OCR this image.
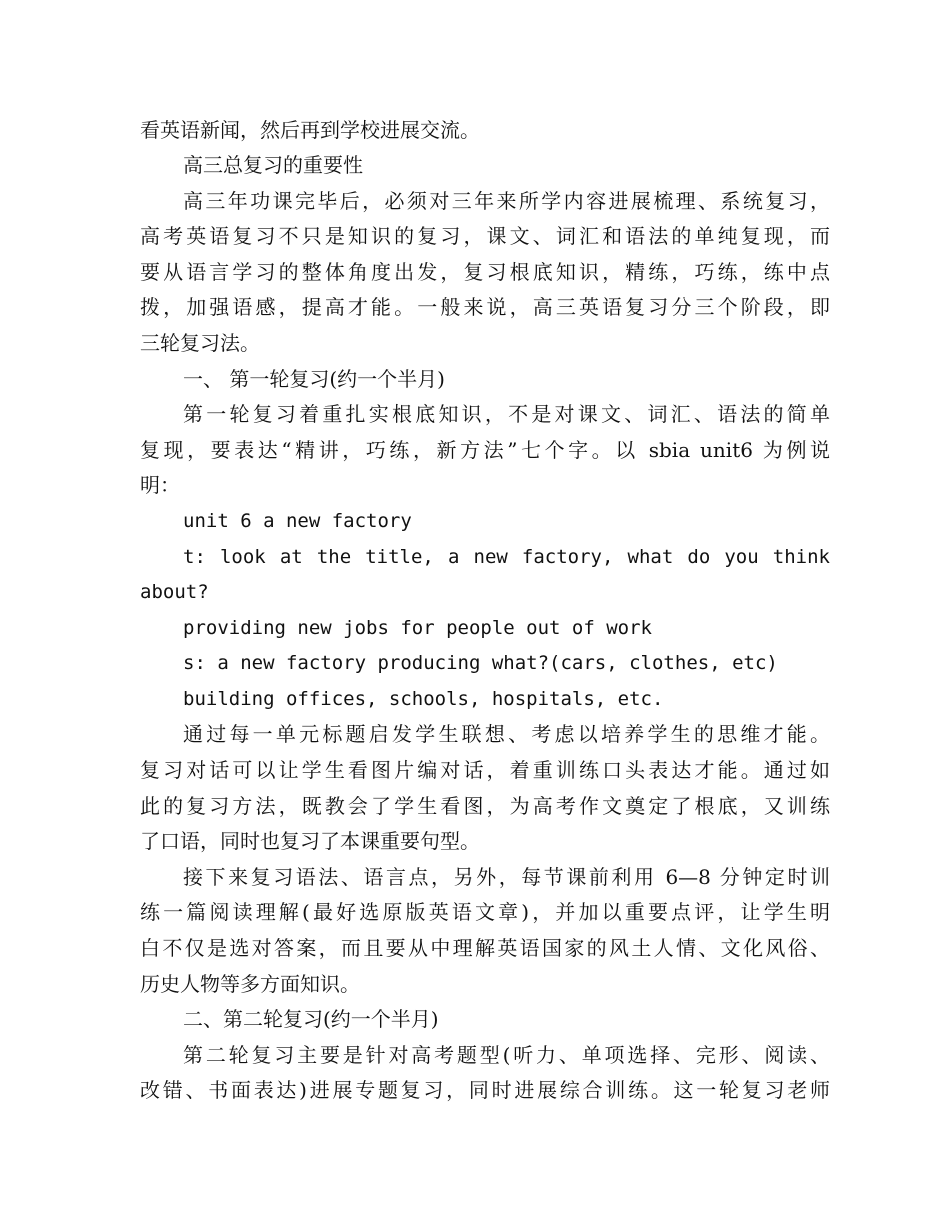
看英语新闻，然后再到学校进展交流。
高三总复习的重要性
高三年功课完毕后，必须对三年来所学内容进展梳理、系统复习，
高考英语复习不只是知识的复习，课文、词汇和语法的单纯复现，而
要从语言学习的整体角度出发，复习根底知识，精练，巧练，练中点
拨，加强语感，提高才能。一般来说，高三英语复习分三个阶段，即
三轮复习法。
一、 第一轮复习(约一个半月)
第一轮复习着重扎实根底知识，不是对课文、词汇、语法的简单
复现，要表达“精讲，巧练，新方法”七个字。以 sbia unit6 为例说
明：
unit 6 a new factory
t: look at the title, a new factory, what do you think
about?
providing new jobs for people out of work
s: a new factory producing what?(cars, clothes, etc)
building offices, schools, hospitals, etc.
通过每一单元标题启发学生联想、考虑以培养学生的思维才能。
复习对话可以让学生看图片编对话，着重训练口头表达才能。通过如
此的复习方法，既教会了学生看图，为高考作文奠定了根底，又训练
了口语，同时也复习了本课重要句型。
接下来复习语法、语言点，另外，每节课前利用 6—8 分钟定时训
练一篇阅读理解(最好选原版英语文章)，并加以重要点评，让学生明
白不仅是选对答案，而且要从中理解英语国家的风土人情、文化风俗、
历史人物等多方面知识。
二、第二轮复习(约一个半月)
第二轮复习主要是针对高考题型(听力、单项选择、完形、阅读、
改错、书面表达)进展专题复习，同时进展综合训练。这一轮复习老师
